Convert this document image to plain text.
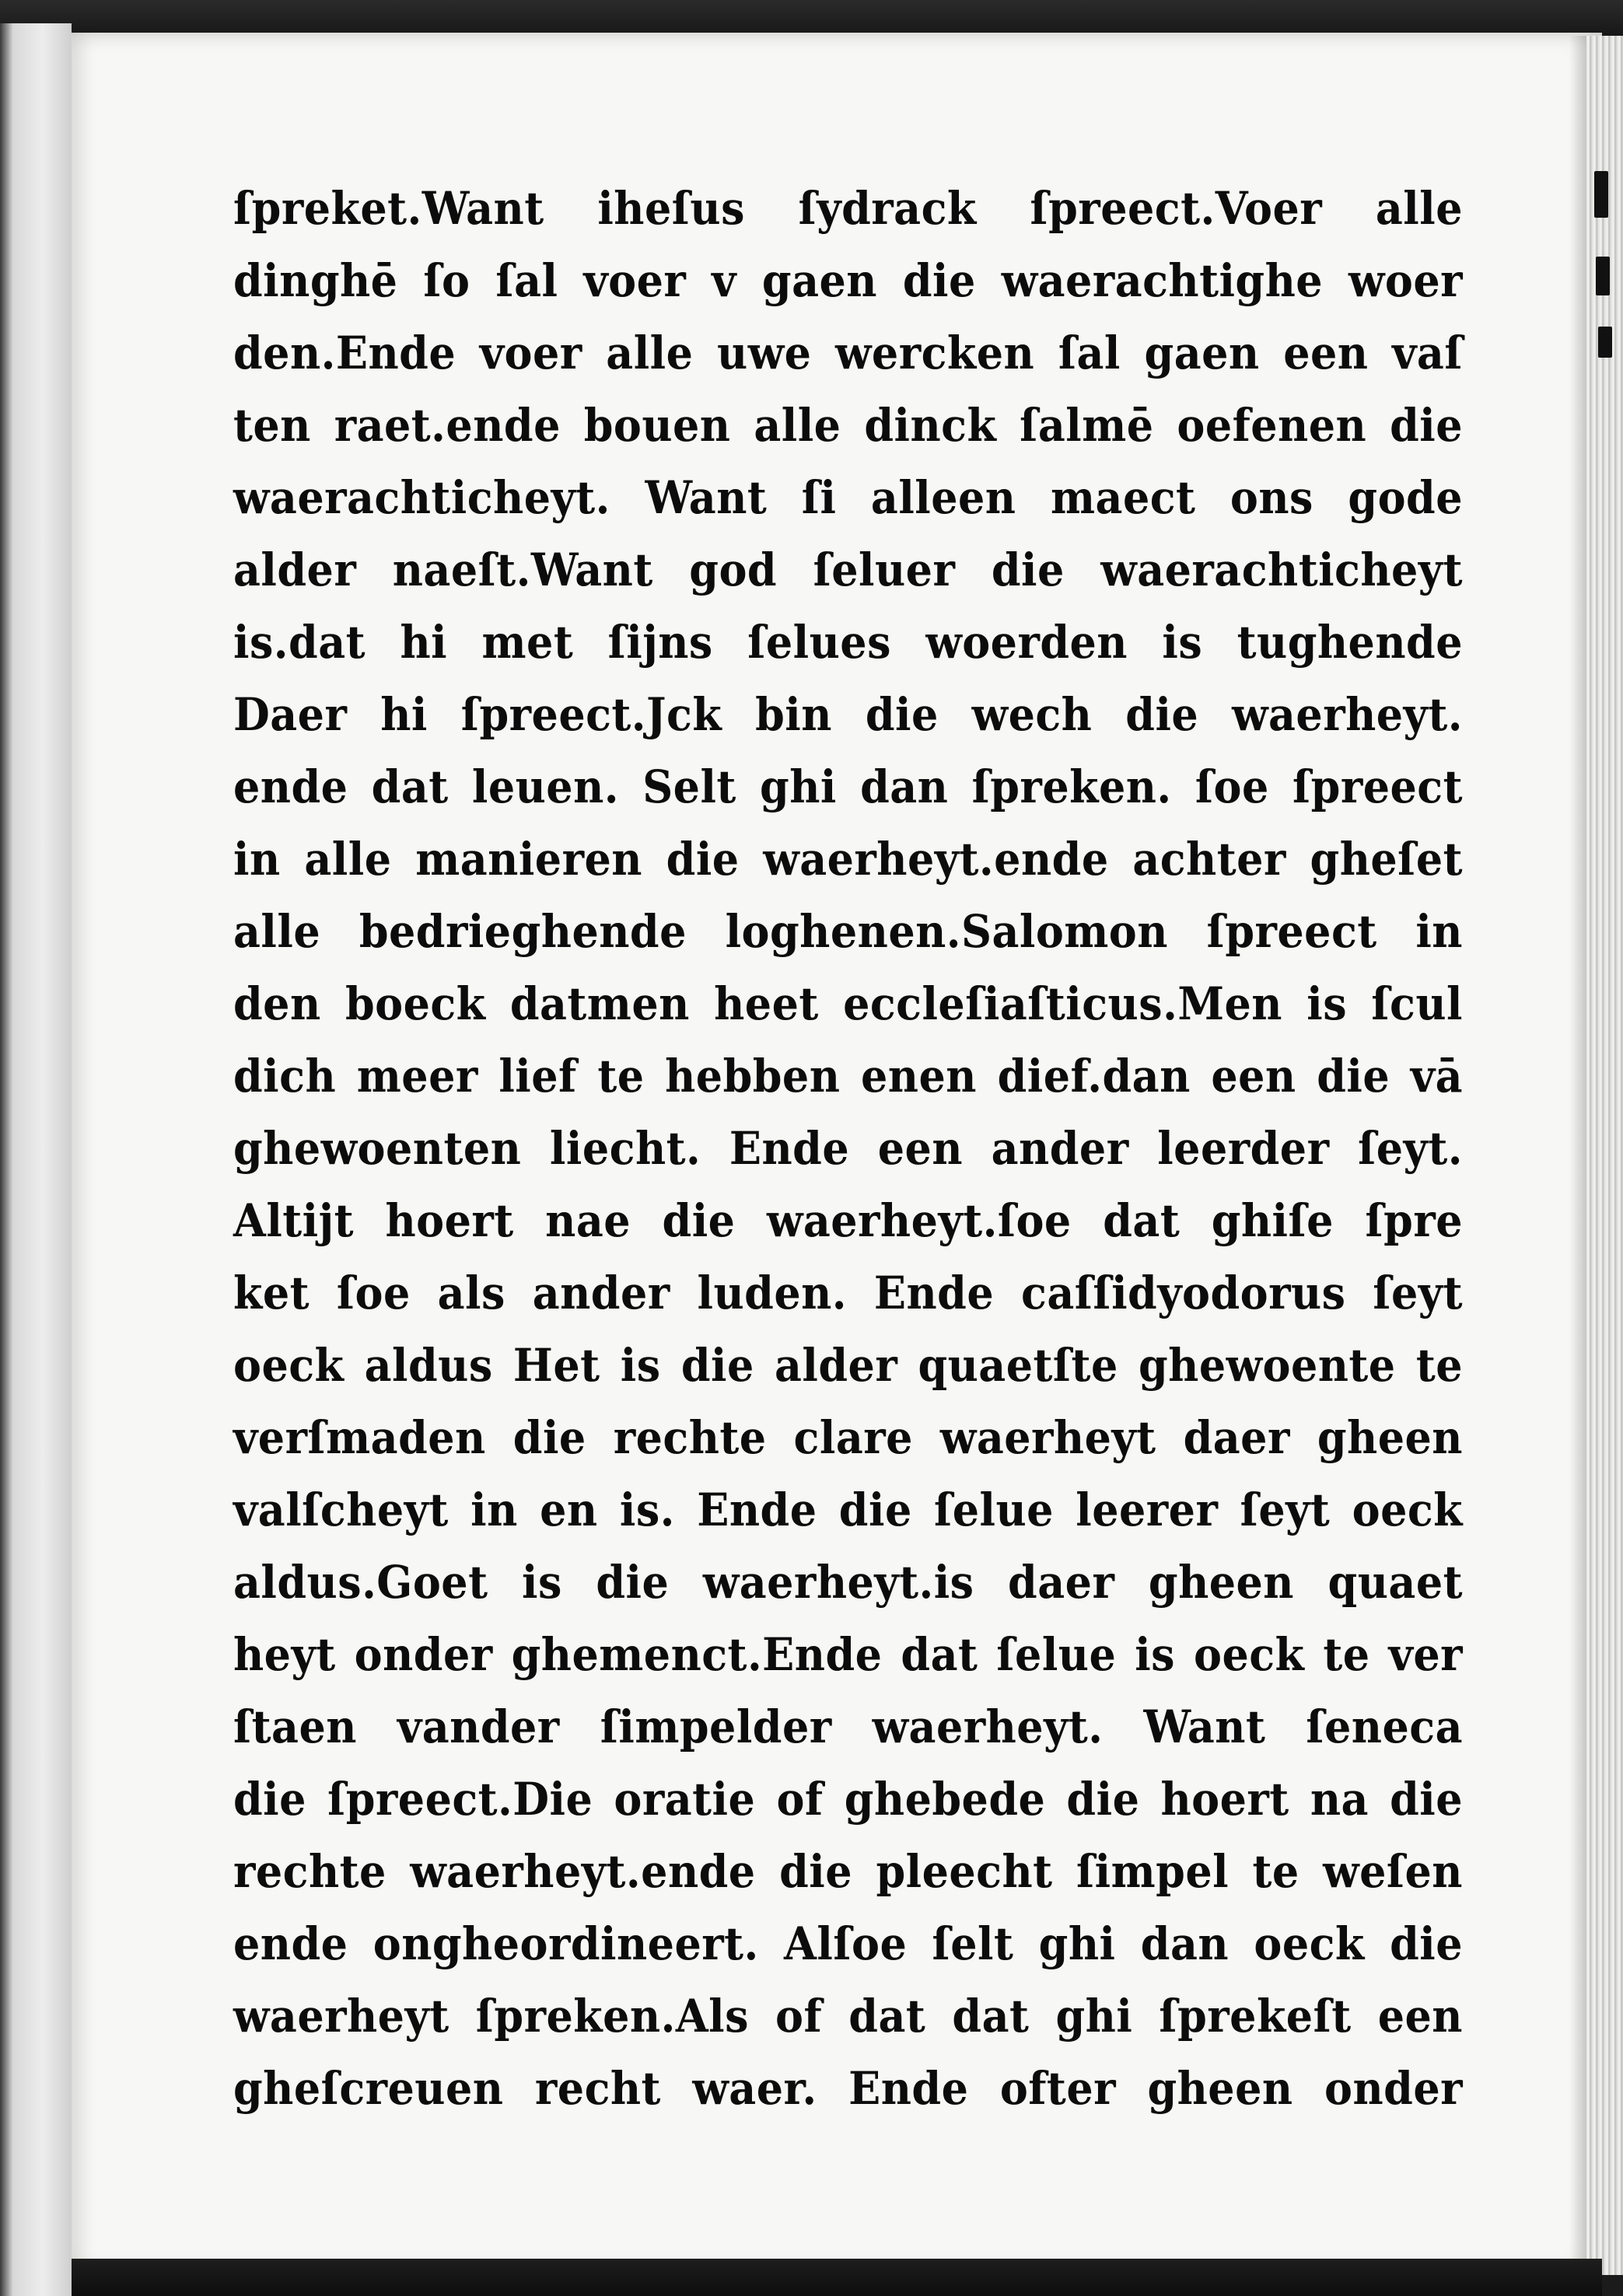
ſpreket.Want iheſus ſydrack ſpreect.Voer alle
dinghē ſo ſal voer v gaen die waerachtighe woer
den.Ende voer alle uwe wercken ſal gaen een vaſ
ten raet.ende bouen alle dinck ſalmē oefenen die
waerachticheyt. Want ſi alleen maect ons gode
alder naeſt.Want god ſeluer die waerachticheyt
is.dat hi met ſijns ſelues woerden is tughende
Daer hi ſpreect.Jck bin die wech die waerheyt.
ende dat leuen. Selt ghi dan ſpreken. ſoe ſpreect
in alle manieren die waerheyt.ende achter gheſet
alle bedrieghende loghenen.Salomon ſpreect in
den boeck datmen heet eccleſiaſticus.Men is ſcul
dich meer lief te hebben enen dief.dan een die vā
ghewoenten liecht. Ende een ander leerder ſeyt.
Altijt hoert nae die waerheyt.ſoe dat ghiſe ſpre
ket ſoe als ander luden. Ende caſſidyodorus ſeyt
oeck aldus Het is die alder quaetſte ghewoente te
verſmaden die rechte clare waerheyt daer gheen
valſcheyt in en is. Ende die ſelue leerer ſeyt oeck
aldus.Goet is die waerheyt.is daer gheen quaet
heyt onder ghemenct.Ende dat ſelue is oeck te ver
ſtaen vander ſimpelder waerheyt. Want ſeneca
die ſpreect.Die oratie of ghebede die hoert na die
rechte waerheyt.ende die pleecht ſimpel te weſen
ende ongheordineert. Alſoe ſelt ghi dan oeck die
waerheyt ſpreken.Als of dat dat ghi ſprekeſt een
gheſcreuen recht waer. Ende ofter gheen onder
